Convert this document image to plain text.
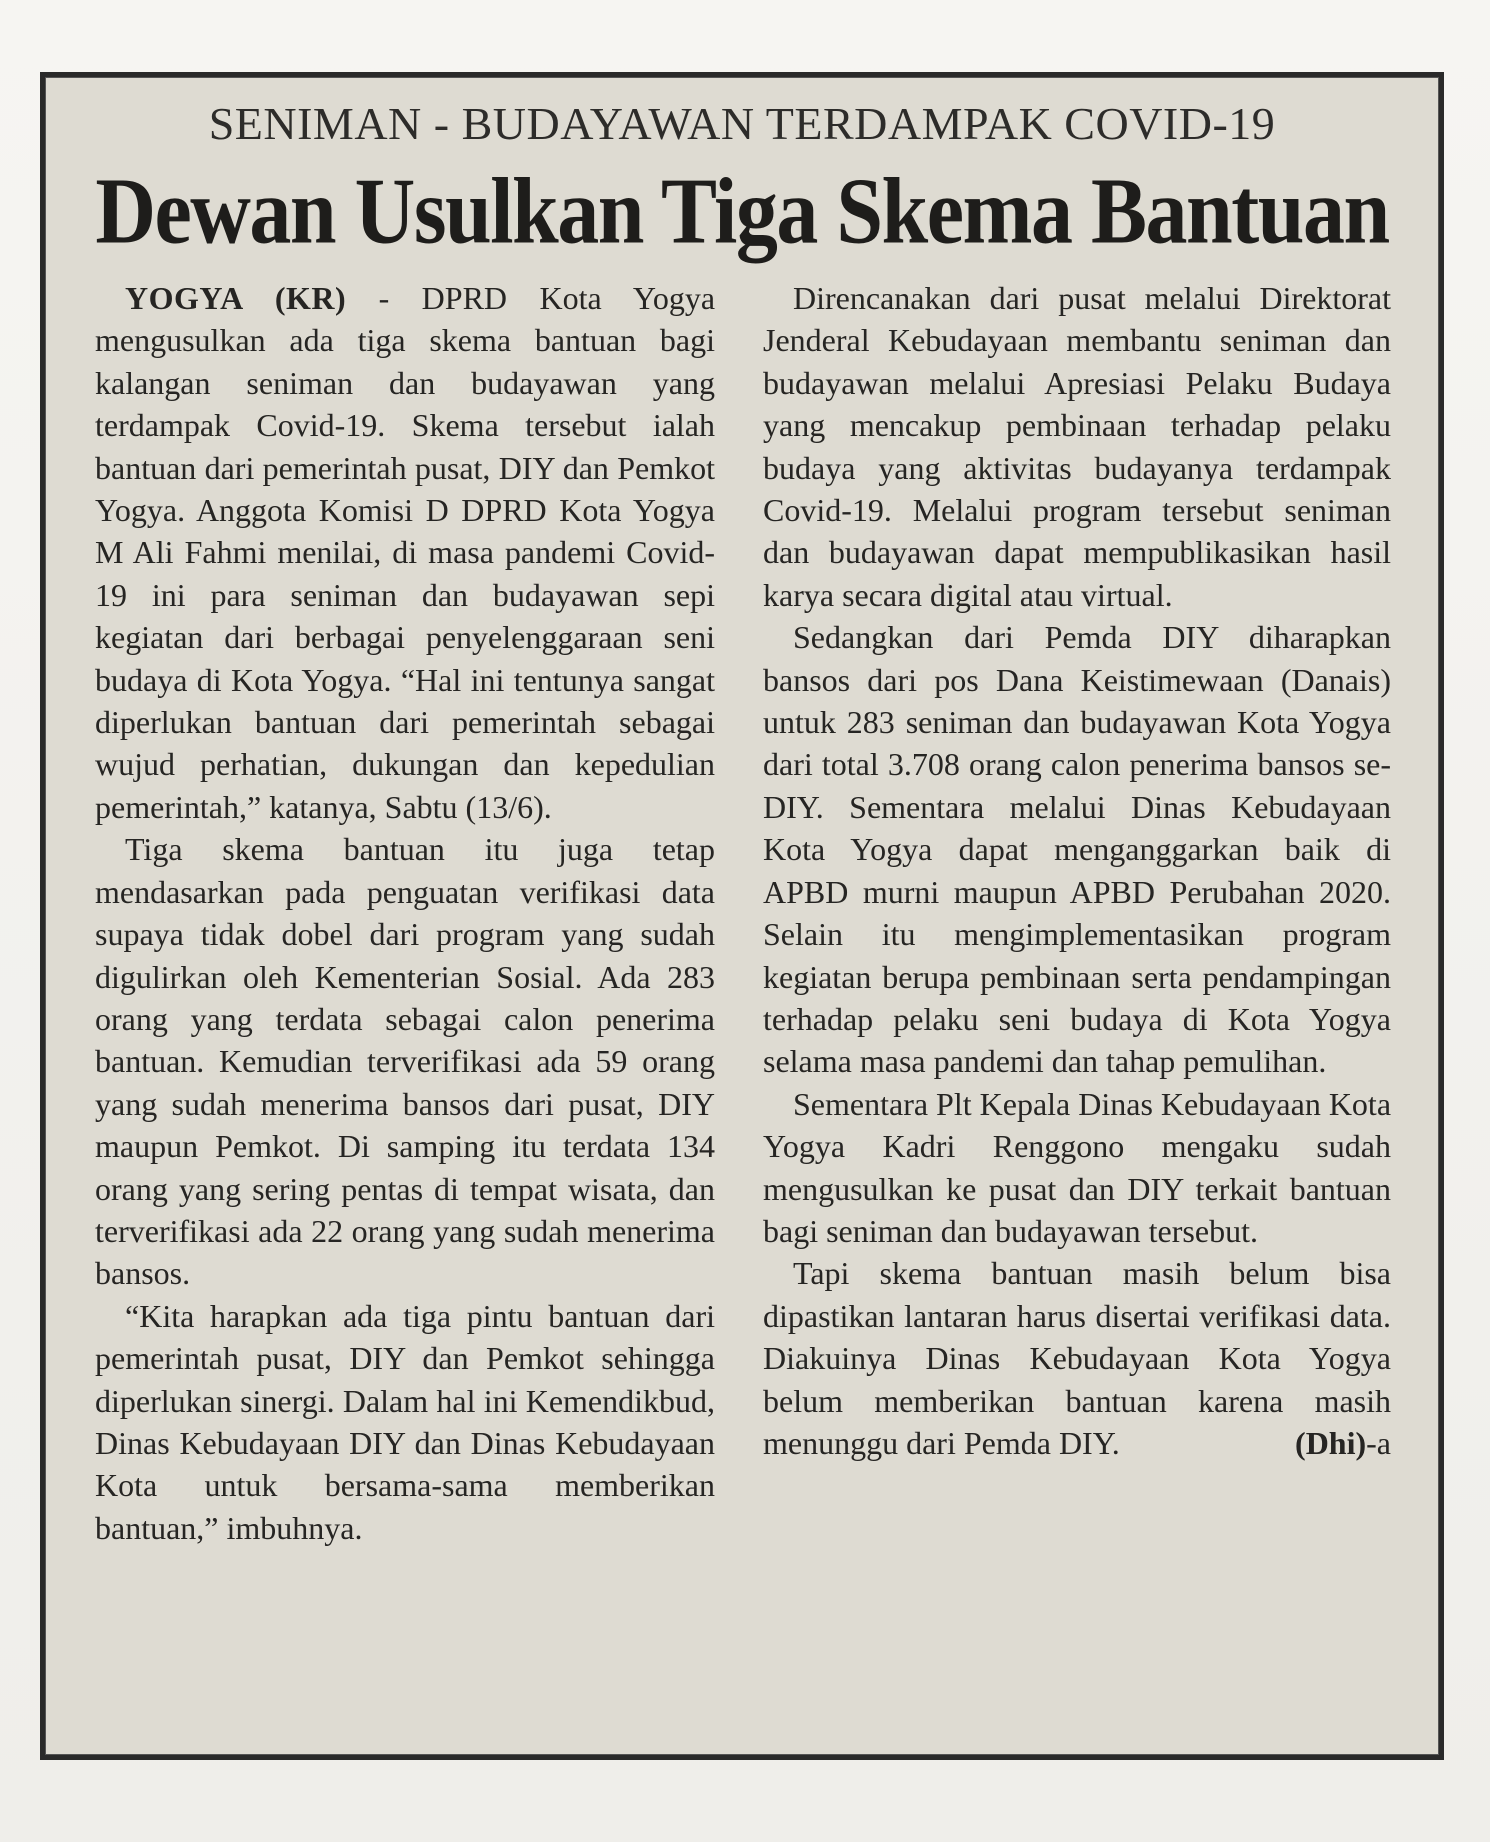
SENIMAN - BUDAYAWAN TERDAMPAK COVID-19
Dewan Usulkan Tiga Skema Bantuan

YOGYA (KR) - DPRD Kota Yogya mengusulkan ada tiga skema bantuan bagi kalangan seniman dan budayawan yang terdampak Covid-19. Skema tersebut ialah bantuan dari pemerintah pusat, DIY dan Pemkot Yogya. Anggota Komisi D DPRD Kota Yogya M Ali Fahmi menilai, di masa pandemi Covid-19 ini para seniman dan budayawan sepi kegiatan dari berbagai penyelenggaraan seni budaya di Kota Yogya. “Hal ini tentunya sangat diperlukan bantuan dari pemerintah sebagai wujud perhatian, dukungan dan kepedulian pemerintah,” katanya, Sabtu (13/6).

Tiga skema bantuan itu juga tetap mendasarkan pada penguatan verifikasi data supaya tidak dobel dari program yang sudah digulirkan oleh Kementerian Sosial. Ada 283 orang yang terdata sebagai calon penerima bantuan. Kemudian terverifikasi ada 59 orang yang sudah menerima bansos dari pusat, DIY maupun Pemkot. Di samping itu terdata 134 orang yang sering pentas di tempat wisata, dan terverifikasi ada 22 orang yang sudah menerima bansos.

“Kita harapkan ada tiga pintu bantuan dari pemerintah pusat, DIY dan Pemkot sehingga diperlukan sinergi. Dalam hal ini Kemendikbud, Dinas Kebudayaan DIY dan Dinas Kebudayaan Kota untuk bersama-sama memberikan bantuan,” imbuhnya.

Direncanakan dari pusat melalui Direktorat Jenderal Kebudayaan membantu seniman dan budayawan melalui Apresiasi Pelaku Budaya yang mencakup pembinaan terhadap pelaku budaya yang aktivitas budayanya terdampak Covid-19. Melalui program tersebut seniman dan budayawan dapat mempublikasikan hasil karya secara digital atau virtual.

Sedangkan dari Pemda DIY diharapkan bansos dari pos Dana Keistimewaan (Danais) untuk 283 seniman dan budayawan Kota Yogya dari total 3.708 orang calon penerima bansos se-DIY. Sementara melalui Dinas Kebudayaan Kota Yogya dapat menganggarkan baik di APBD murni maupun APBD Perubahan 2020. Selain itu mengimplementasikan program kegiatan berupa pembinaan serta pendampingan terhadap pelaku seni budaya di Kota Yogya selama masa pandemi dan tahap pemulihan.

Sementara Plt Kepala Dinas Kebudayaan Kota Yogya Kadri Renggono mengaku sudah mengusulkan ke pusat dan DIY terkait bantuan bagi seniman dan budayawan tersebut.

Tapi skema bantuan masih belum bisa dipastikan lantaran harus disertai verifikasi data. Diakuinya Dinas Kebudayaan Kota Yogya belum memberikan bantuan karena masih menunggu dari Pemda DIY.	(Dhi)-a
